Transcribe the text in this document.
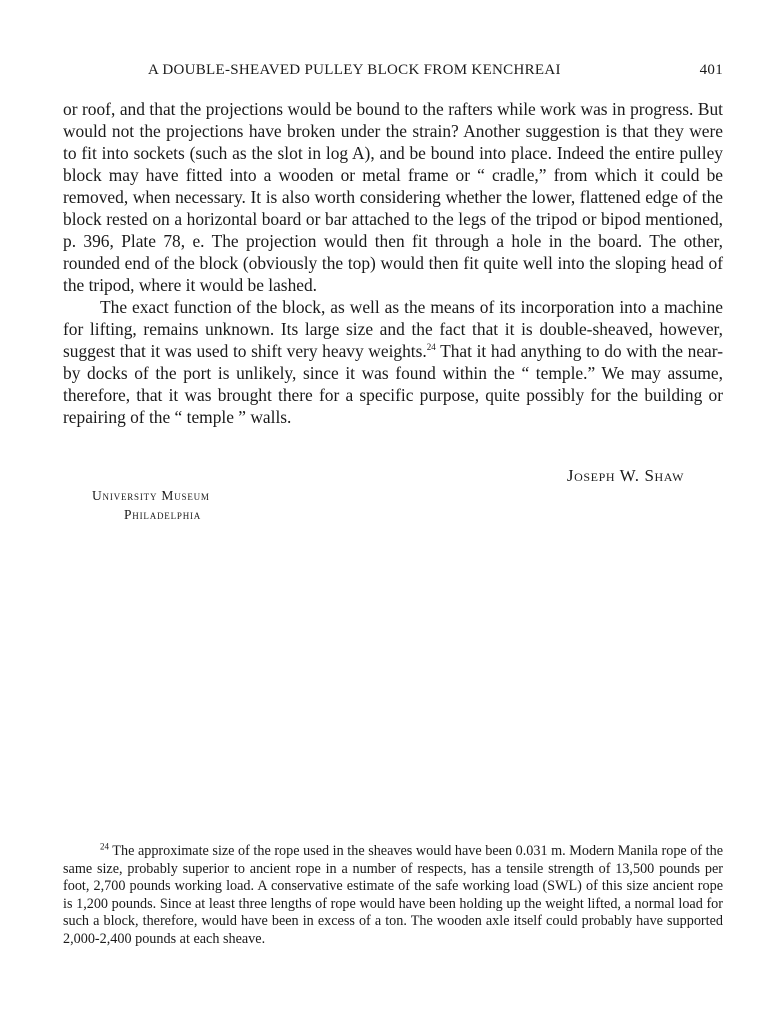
A DOUBLE-SHEAVED PULLEY BLOCK FROM KENCHREAI	401

or roof, and that the projections would be bound to the rafters while work was in progress. But would not the projections have broken under the strain? Another suggestion is that they were to fit into sockets (such as the slot in log A), and be bound into place. Indeed the entire pulley block may have fitted into a wooden or metal frame or “ cradle,” from which it could be removed, when necessary. It is also worth considering whether the lower, flattened edge of the block rested on a horizontal board or bar attached to the legs of the tripod or bipod mentioned, p. 396, Plate 78, e. The projection would then fit through a hole in the board. The other, rounded end of the block (obviously the top) would then fit quite well into the sloping head of the tripod, where it would be lashed.

The exact function of the block, as well as the means of its incorporation into a machine for lifting, remains unknown. Its large size and the fact that it is double-sheaved, however, suggest that it was used to shift very heavy weights.$^{24}$ That it had anything to do with the near-by docks of the port is unlikely, since it was found within the “ temple.” We may assume, therefore, that it was brought there for a specific purpose, quite possibly for the building or repairing of the “ temple ” walls.

Joseph W. Shaw
University Museum
Philadelphia

$^{24}$ The approximate size of the rope used in the sheaves would have been 0.031 m. Modern Manila rope of the same size, probably superior to ancient rope in a number of respects, has a tensile strength of 13,500 pounds per foot, 2,700 pounds working load. A conservative estimate of the safe working load (SWL) of this size ancient rope is 1,200 pounds. Since at least three lengths of rope would have been holding up the weight lifted, a normal load for such a block, therefore, would have been in excess of a ton. The wooden axle itself could probably have supported 2,000-2,400 pounds at each sheave.
